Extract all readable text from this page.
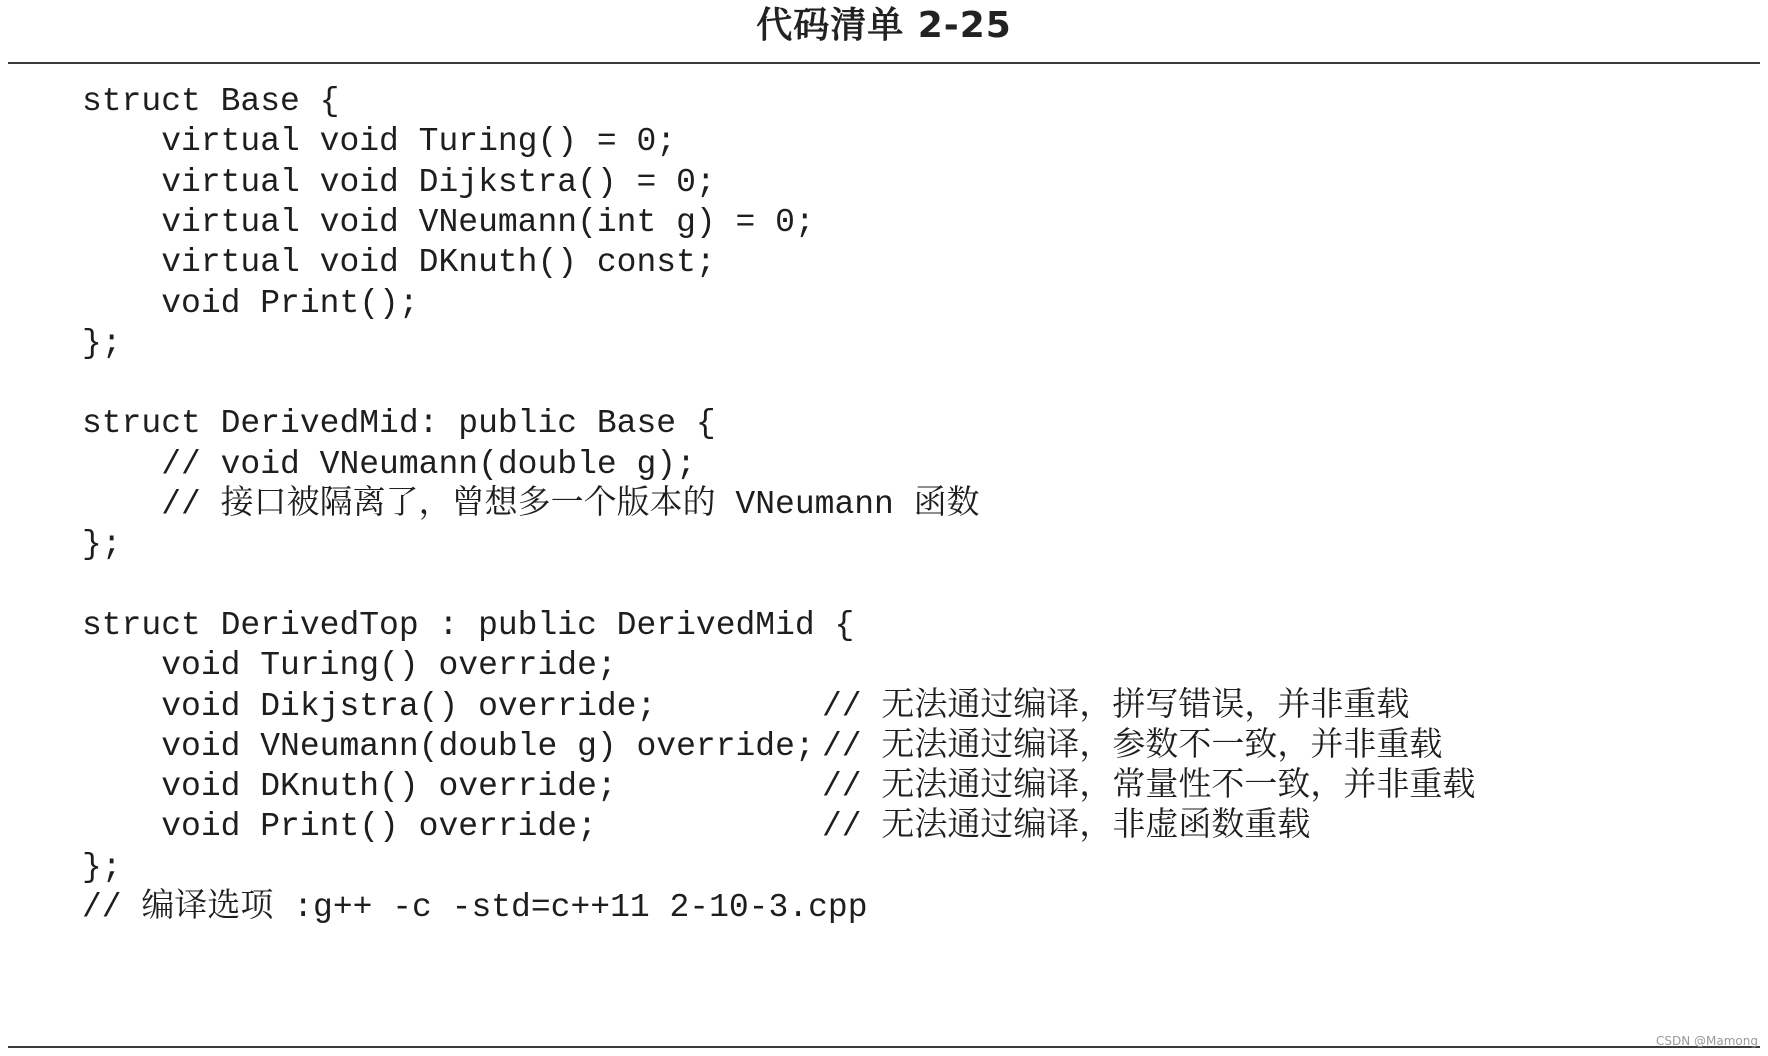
代码清单 2-25
struct Base {
virtual void Turing() = 0;
virtual void Dijkstra() = 0;
virtual void VNeumann(int g) = 0;
virtual void DKnuth() const;
void Print();
};
struct DerivedMid: public Base {
// void VNeumann(double g);
// 接口被隔离了，曾想多一个版本的 VNeumann 函数
};
struct DerivedTop : public DerivedMid {
void Turing() override;
void Dikjstra() override;	// 无法通过编译，拼写错误，并非重载
void VNeumann(double g) override; // 无法通过编译，参数不一致，并非重载
void DKnuth() override;	// 无法通过编译，常量性不一致，并非重载
void Print() override;	// 无法通过编译，非虚函数重载
};
// 编译选项 :g++ -c -std=c++11 2-10-3.cpp
CSDN @Mamong
